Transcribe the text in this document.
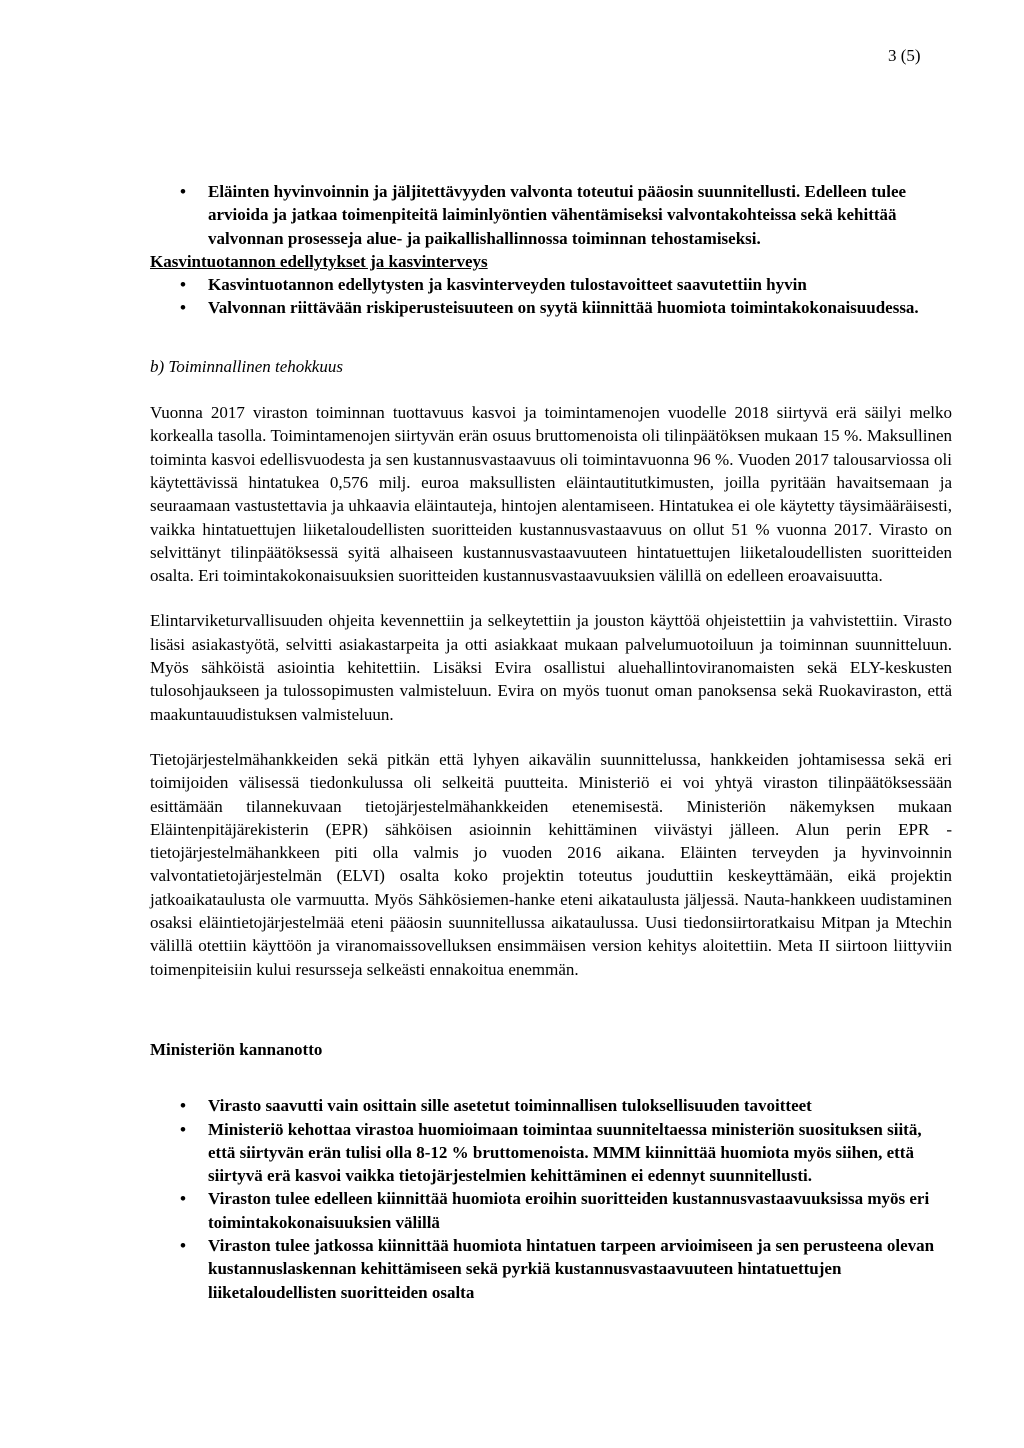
3 (5)
• Eläinten hyvinvoinnin ja jäljitettävyyden valvonta toteutui pääosin suunnitellusti. Edelleen tulee arvioida ja jatkaa toimenpiteitä laiminlyöntien vähentämiseksi valvontakohteissa sekä kehittää valvonnan prosesseja alue- ja paikallishallinnossa toiminnan tehostamiseksi.
Kasvintuotannon edellytykset ja kasvinterveys
• Kasvintuotannon edellytysten ja kasvinterveyden tulostavoitteet saavutettiin hyvin
• Valvonnan riittävään riskiperusteisuuteen on syytä kiinnittää huomiota toimintakokonaisuudessa.
b) Toiminnallinen tehokkuus

Vuonna 2017 viraston toiminnan tuottavuus kasvoi ja toimintamenojen vuodelle 2018 siirtyvä erä säilyi melko korkealla tasolla. Toimintamenojen siirtyvän erän osuus bruttomenoista oli tilinpäätöksen mukaan 15 %. Maksullinen toiminta kasvoi edellisvuodesta ja sen kustannusvastaavuus oli toimintavuonna 96 %. Vuoden 2017 talousarviossa oli käytettävissä hintatukea 0,576 milj. euroa maksullisten eläintautitutkimusten, joilla pyritään havaitsemaan ja seuraamaan vastustettavia ja uhkaavia eläintauteja, hintojen alentamiseen. Hintatukea ei ole käytetty täysimääräisesti, vaikka hintatuettujen liiketaloudellisten suoritteiden kustannusvastaavuus on ollut 51 % vuonna 2017. Virasto on selvittänyt tilinpäätöksessä syitä alhaiseen kustannusvastaavuuteen hintatuettujen liiketaloudellisten suoritteiden osalta. Eri toimintakokonaisuuksien suoritteiden kustannusvastaavuuksien välillä on edelleen eroavaisuutta.

Elintarviketurvallisuuden ohjeita kevennettiin ja selkeytettiin ja jouston käyttöä ohjeistettiin ja vahvistettiin. Virasto lisäsi asiakastyötä, selvitti asiakastarpeita ja otti asiakkaat mukaan palvelumuotoiluun ja toiminnan suunnitteluun. Myös sähköistä asiointia kehitettiin. Lisäksi Evira osallistui aluehallintoviranomaisten sekä ELY-keskusten tulosohjaukseen ja tulossopimusten valmisteluun. Evira on myös tuonut oman panoksensa sekä Ruokaviraston, että maakuntauudistuksen valmisteluun.

Tietojärjestelmähankkeiden sekä pitkän että lyhyen aikavälin suunnittelussa, hankkeiden johtamisessa sekä eri toimijoiden välisessä tiedonkulussa oli selkeitä puutteita. Ministeriö ei voi yhtyä viraston tilinpäätöksessään esittämään tilannekuvaan tietojärjestelmähankkeiden etenemisestä. Ministeriön näkemyksen mukaan Eläintenpitäjärekisterin (EPR) sähköisen asioinnin kehittäminen viivästyi jälleen. Alun perin EPR -tietojärjestelmähankkeen piti olla valmis jo vuoden 2016 aikana. Eläinten terveyden ja hyvinvoinnin valvontatietojärjestelmän (ELVI) osalta koko projektin toteutus jouduttiin keskeyttämään, eikä projektin jatkoaikataulusta ole varmuutta. Myös Sähkösiemen-hanke eteni aikataulusta jäljessä. Nauta-hankkeen uudistaminen osaksi eläintietojärjestelmää eteni pääosin suunnitellussa aikataulussa. Uusi tiedonsiirtoratkaisu Mitpan ja Mtechin välillä otettiin käyttöön ja viranomaissovelluksen ensimmäisen version kehitys aloitettiin. Meta II siirtoon liittyviin toimenpiteisiin kului resursseja selkeästi ennakoitua enemmän.

Ministeriön kannanotto
• Virasto saavutti vain osittain sille asetetut toiminnallisen tuloksellisuuden tavoitteet
• Ministeriö kehottaa virastoa huomioimaan toimintaa suunniteltaessa ministeriön suosituksen siitä, että siirtyvän erän tulisi olla 8-12 % bruttomenoista. MMM kiinnittää huomiota myös siihen, että siirtyvä erä kasvoi vaikka tietojärjestelmien kehittäminen ei edennyt suunnitellusti.
• Viraston tulee edelleen kiinnittää huomiota eroihin suoritteiden kustannusvastaavuuksissa myös eri toimintakokonaisuuksien välillä
• Viraston tulee jatkossa kiinnittää huomiota hintatuen tarpeen arvioimiseen ja sen perusteena olevan kustannuslaskennan kehittämiseen sekä pyrkiä kustannusvastaavuuteen hintatuettujen liiketaloudellisten suoritteiden osalta
